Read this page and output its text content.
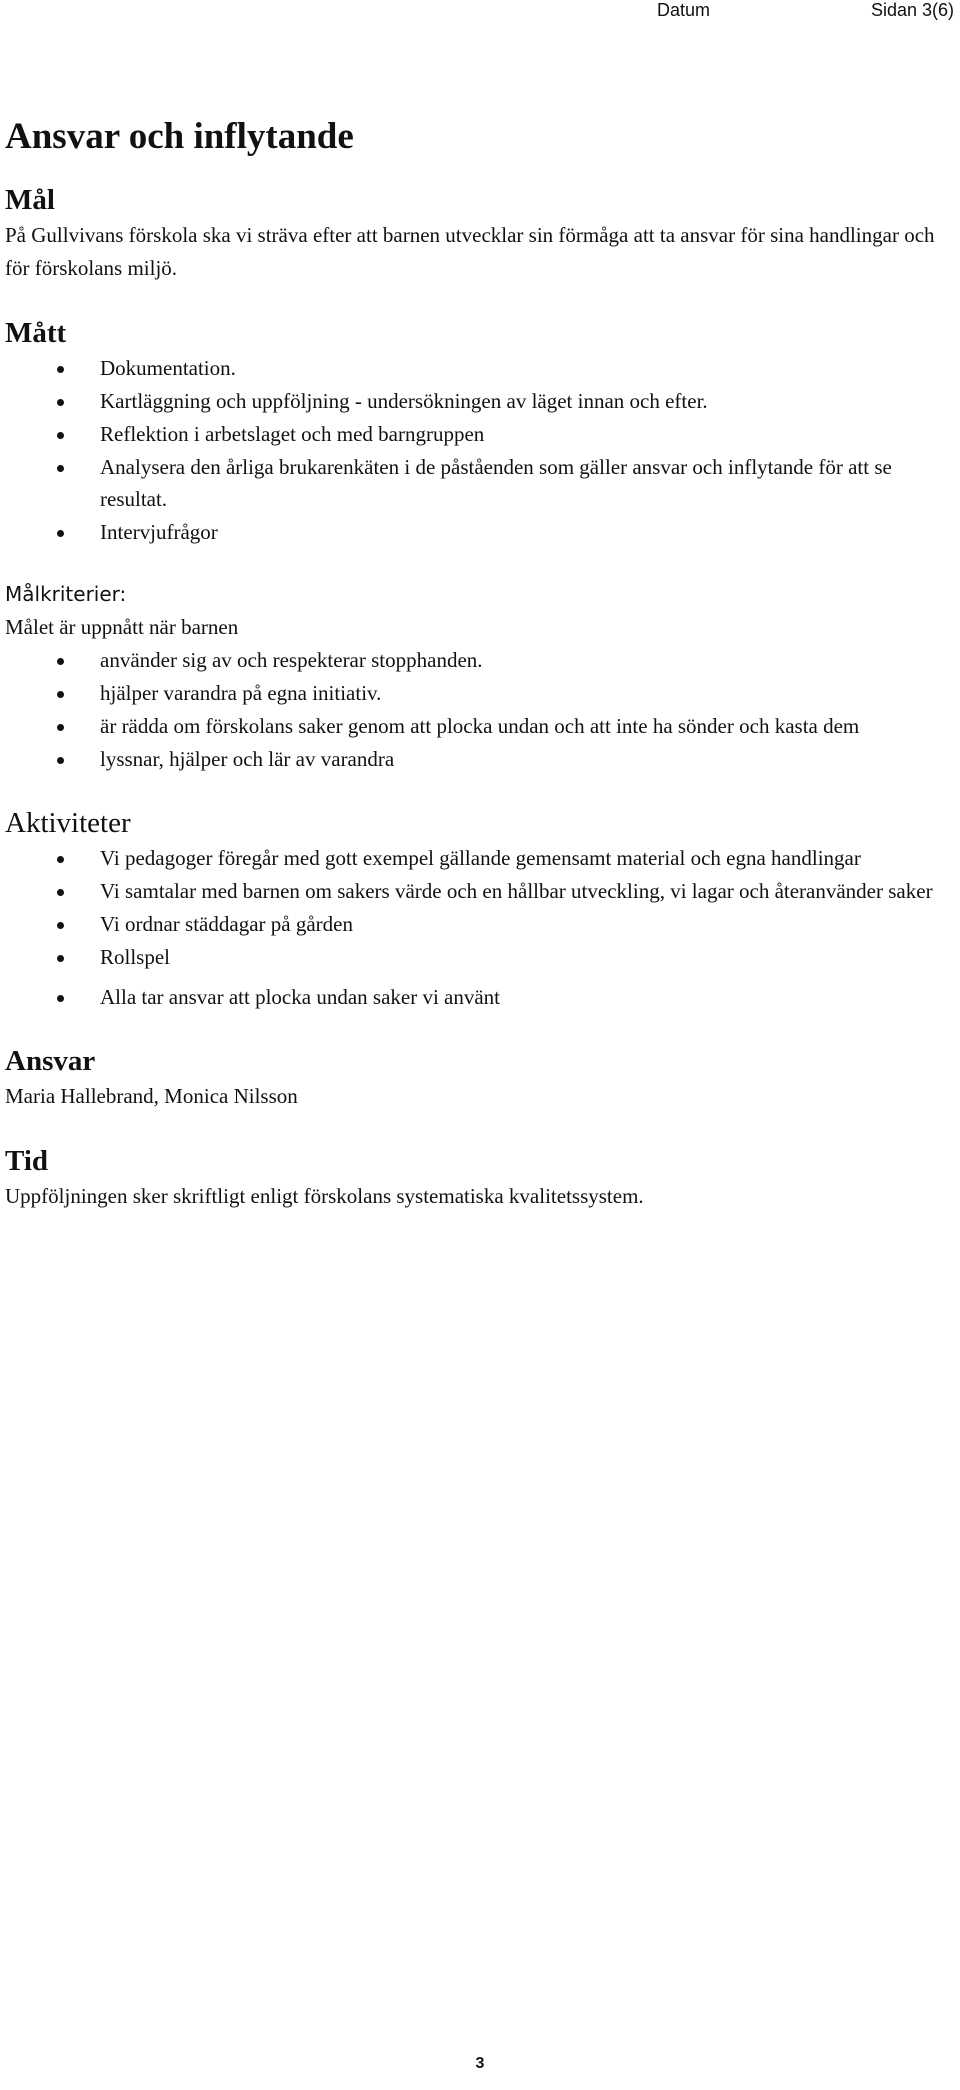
Datum	Sidan 3(6)
Ansvar och inflytande
Mål

På Gullvivans förskola ska vi sträva efter att barnen utvecklar sin förmåga att ta ansvar för sina handlingar och för förskolans miljö.

Mått
Dokumentation.
Kartläggning och uppföljning - undersökningen av läget innan och efter.
Reflektion i arbetslaget och med barngruppen
Analysera den årliga brukarenkäten i de påståenden som gäller ansvar och inflytande för att se resultat.
Intervjufrågor

Målkriterier:

Målet är uppnått när barnen

använder sig av och respekterar stopphanden.
hjälper varandra på egna initiativ.
är rädda om förskolans saker genom att plocka undan och att inte ha sönder och kasta dem
lyssnar, hjälper och lär av varandra
Aktiviteter
Vi pedagoger föregår med gott exempel gällande gemensamt material och egna handlingar
Vi samtalar med barnen om sakers värde och en hållbar utveckling, vi lagar och återanvänder saker
Vi ordnar städdagar på gården
Rollspel
Alla tar ansvar att plocka undan saker vi använt
Ansvar

Maria Hallebrand, Monica Nilsson

Tid

Uppföljningen sker skriftligt enligt förskolans systematiska kvalitetssystem.

3
